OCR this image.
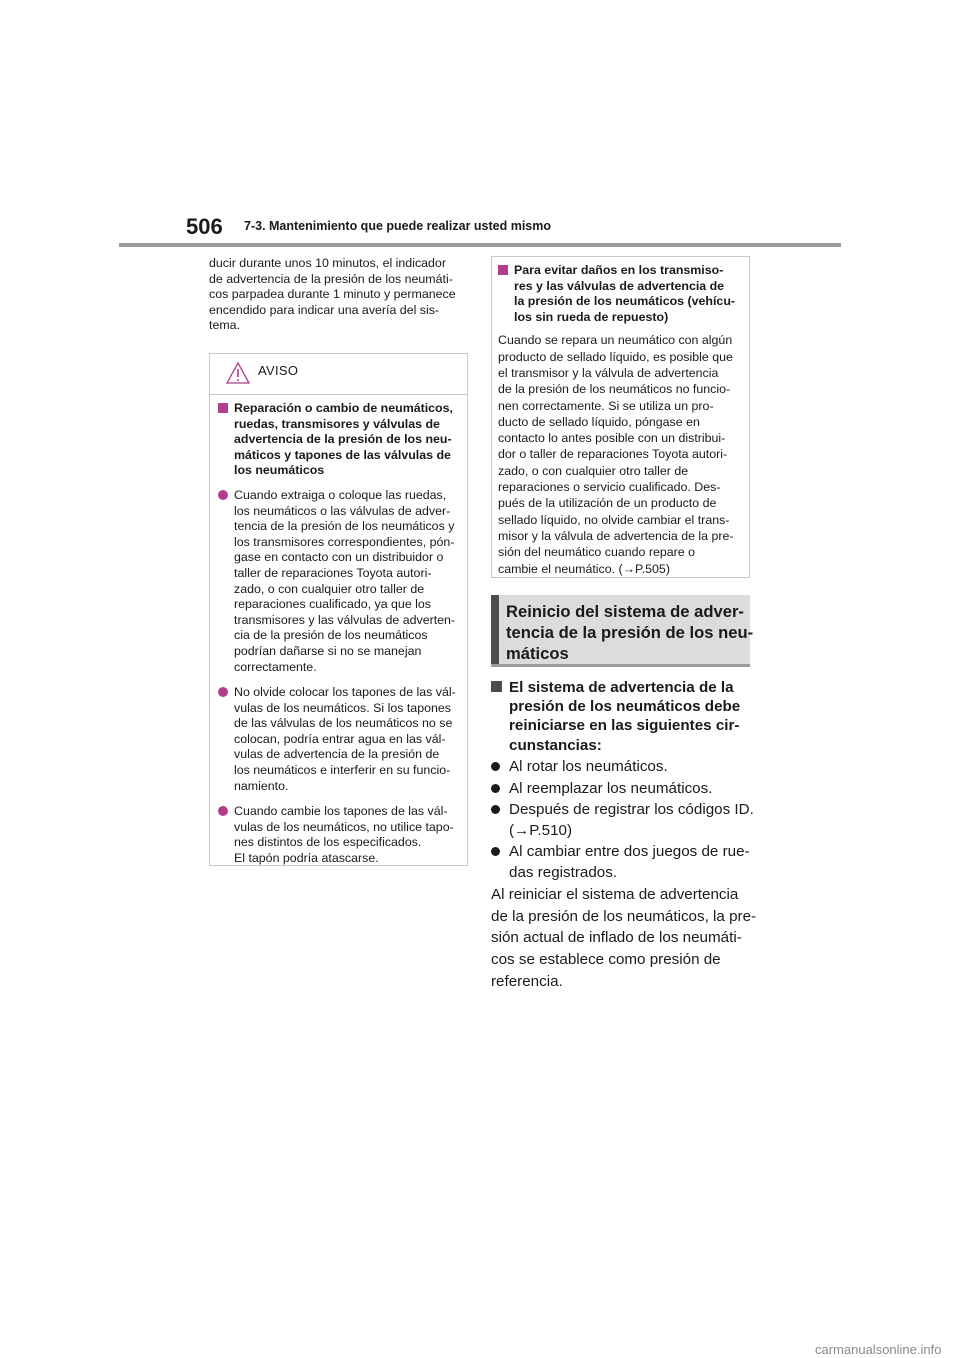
506 7-3. Mantenimiento que puede realizar usted mismo
ducir durante unos 10 minutos, el indicador
de advertencia de la presión de los neumáti-
cos parpadea durante 1 minuto y permanece
encendido para indicar una avería del sis-
tema.
AVISO
Reparación o cambio de neumáticos,
ruedas, transmisores y válvulas de
advertencia de la presión de los neu-
máticos y tapones de las válvulas de
los neumáticos
Cuando extraiga o coloque las ruedas,
los neumáticos o las válvulas de adver-
tencia de la presión de los neumáticos y
los transmisores correspondientes, pón-
gase en contacto con un distribuidor o
taller de reparaciones Toyota autori-
zado, o con cualquier otro taller de
reparaciones cualificado, ya que los
transmisores y las válvulas de adverten-
cia de la presión de los neumáticos
podrían dañarse si no se manejan
correctamente.
No olvide colocar los tapones de las vál-
vulas de los neumáticos. Si los tapones
de las válvulas de los neumáticos no se
colocan, podría entrar agua en las vál-
vulas de advertencia de la presión de
los neumáticos e interferir en su funcio-
namiento.
Cuando cambie los tapones de las vál-
vulas de los neumáticos, no utilice tapo-
nes distintos de los especificados.
El tapón podría atascarse.
Para evitar daños en los transmiso-
res y las válvulas de advertencia de
la presión de los neumáticos (vehícu-
los sin rueda de repuesto)
Cuando se repara un neumático con algún
producto de sellado líquido, es posible que
el transmisor y la válvula de advertencia
de la presión de los neumáticos no funcio-
nen correctamente. Si se utiliza un pro-
ducto de sellado líquido, póngase en
contacto lo antes posible con un distribui-
dor o taller de reparaciones Toyota autori-
zado, o con cualquier otro taller de
reparaciones o servicio cualificado. Des-
pués de la utilización de un producto de
sellado líquido, no olvide cambiar el trans-
misor y la válvula de advertencia de la pre-
sión del neumático cuando repare o
cambie el neumático. (→P.505)
Reinicio del sistema de adver-
tencia de la presión de los neu-
máticos
El sistema de advertencia de la
presión de los neumáticos debe
reiniciarse en las siguientes cir-
cunstancias:
Al rotar los neumáticos.
Al reemplazar los neumáticos.
Después de registrar los códigos ID.
(→P.510)
Al cambiar entre dos juegos de rue-
das registrados.
Al reiniciar el sistema de advertencia
de la presión de los neumáticos, la pre-
sión actual de inflado de los neumáti-
cos se establece como presión de
referencia.
carmanualsonline.info
